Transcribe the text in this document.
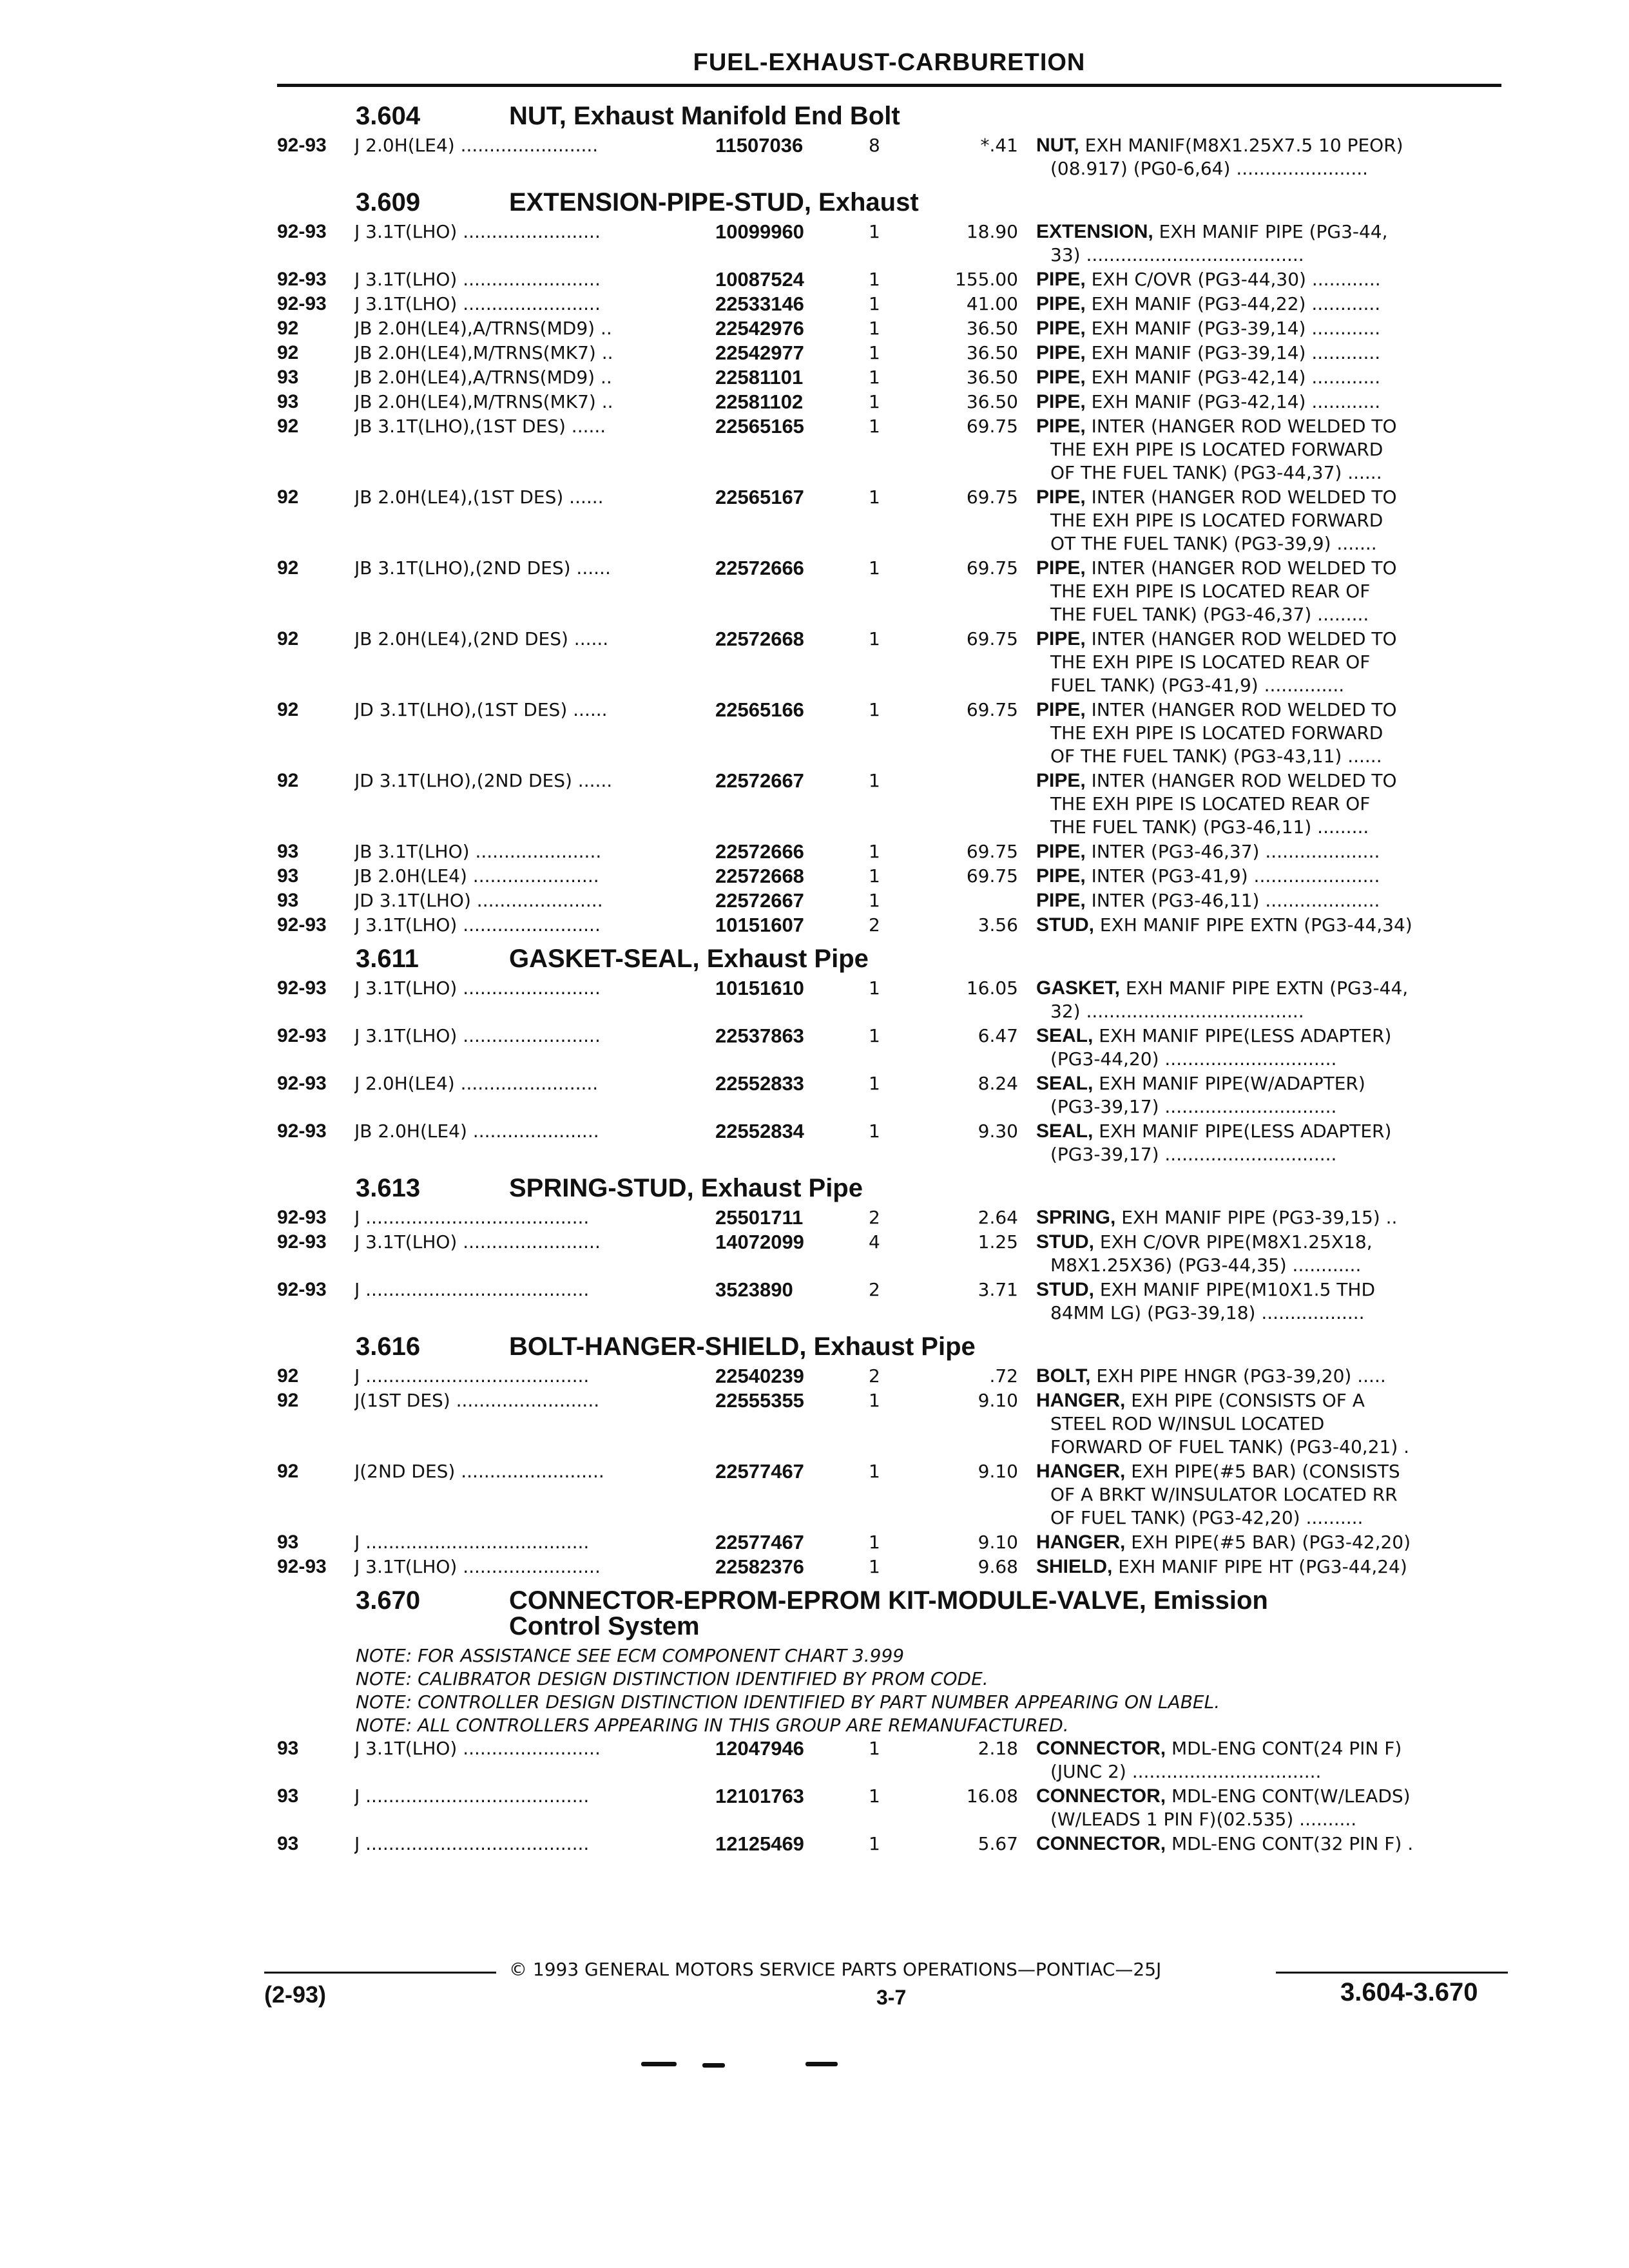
FUEL-EXHAUST-CARBURETION
3.604	NUT, Exhaust Manifold End Bolt
92-93 J 2.0H(LE4) ........................	11507036	8	*.41 NUT, EXH MANIF(M8X1.25X7.5 10 PEOR)
(08.917) (PG0-6,64) .......................
3.609	EXTENSION-PIPE-STUD, Exhaust
92-93 J 3.1T(LHO) ........................	10099960	1	18.90 EXTENSION, EXH MANIF PIPE (PG3-44,
33) ......................................
92-93 J 3.1T(LHO) ........................	10087524	1	155.00 PIPE, EXH C/OVR (PG3-44,30) ............
92-93 J 3.1T(LHO) ........................	22533146	1	41.00 PIPE, EXH MANIF (PG3-44,22) ............
92	JB 2.0H(LE4),A/TRNS(MD9) ..	22542976	1	36.50 PIPE, EXH MANIF (PG3-39,14) ............
92	JB 2.0H(LE4),M/TRNS(MK7) ..	22542977	1	36.50 PIPE, EXH MANIF (PG3-39,14) ............
93	JB 2.0H(LE4),A/TRNS(MD9) ..	22581101	1	36.50 PIPE, EXH MANIF (PG3-42,14) ............
93	JB 2.0H(LE4),M/TRNS(MK7) ..	22581102	1	36.50 PIPE, EXH MANIF (PG3-42,14) ............
92	JB 3.1T(LHO),(1ST DES) ......	22565165	1	69.75 PIPE, INTER (HANGER ROD WELDED TO
THE EXH PIPE IS LOCATED FORWARD
OF THE FUEL TANK) (PG3-44,37) ......
92	JB 2.0H(LE4),(1ST DES) ......	22565167	1	69.75 PIPE, INTER (HANGER ROD WELDED TO
THE EXH PIPE IS LOCATED FORWARD
OT THE FUEL TANK) (PG3-39,9) .......
92	JB 3.1T(LHO),(2ND DES) ......	22572666	1	69.75 PIPE, INTER (HANGER ROD WELDED TO
THE EXH PIPE IS LOCATED REAR OF
THE FUEL TANK) (PG3-46,37) .........
92	JB 2.0H(LE4),(2ND DES) ......	22572668	1	69.75 PIPE, INTER (HANGER ROD WELDED TO
THE EXH PIPE IS LOCATED REAR OF
FUEL TANK) (PG3-41,9) ..............
92	JD 3.1T(LHO),(1ST DES) ......	22565166	1	69.75 PIPE, INTER (HANGER ROD WELDED TO
THE EXH PIPE IS LOCATED FORWARD
OF THE FUEL TANK) (PG3-43,11) ......
92	JD 3.1T(LHO),(2ND DES) ......	22572667	1	PIPE, INTER (HANGER ROD WELDED TO
THE EXH PIPE IS LOCATED REAR OF
THE FUEL TANK) (PG3-46,11) .........
93	JB 3.1T(LHO) ......................	22572666	1	69.75 PIPE, INTER (PG3-46,37) ....................
93	JB 2.0H(LE4) ......................	22572668	1	69.75 PIPE, INTER (PG3-41,9) ......................
93	JD 3.1T(LHO) ......................	22572667	1	PIPE, INTER (PG3-46,11) ....................
92-93 J 3.1T(LHO) ........................	10151607	2	3.56 STUD, EXH MANIF PIPE EXTN (PG3-44,34)
3.611	GASKET-SEAL, Exhaust Pipe
92-93 J 3.1T(LHO) ........................	10151610	1	16.05 GASKET, EXH MANIF PIPE EXTN (PG3-44,
32) ......................................
92-93 J 3.1T(LHO) ........................	22537863	1	6.47 SEAL, EXH MANIF PIPE(LESS ADAPTER)
(PG3-44,20) ..............................
92-93 J 2.0H(LE4) ........................	22552833	1	8.24 SEAL, EXH MANIF PIPE(W/ADAPTER)
(PG3-39,17) ..............................
92-93 JB 2.0H(LE4) ......................	22552834	1	9.30 SEAL, EXH MANIF PIPE(LESS ADAPTER)
(PG3-39,17) ..............................
3.613	SPRING-STUD, Exhaust Pipe
92-93 J .......................................	25501711	2	2.64 SPRING, EXH MANIF PIPE (PG3-39,15) ..
92-93 J 3.1T(LHO) ........................	14072099	4	1.25 STUD, EXH C/OVR PIPE(M8X1.25X18,
M8X1.25X36) (PG3-44,35) ............
92-93 J .......................................	3523890	2	3.71 STUD, EXH MANIF PIPE(M10X1.5 THD
84MM LG) (PG3-39,18) ..................
3.616	BOLT-HANGER-SHIELD, Exhaust Pipe
92	J .......................................	22540239	2	.72 BOLT, EXH PIPE HNGR (PG3-39,20) .....
92	J(1ST DES) .........................	22555355	1	9.10 HANGER, EXH PIPE (CONSISTS OF A
STEEL ROD W/INSUL LOCATED
FORWARD OF FUEL TANK) (PG3-40,21) .
92	J(2ND DES) .........................	22577467	1	9.10 HANGER, EXH PIPE(#5 BAR) (CONSISTS
OF A BRKT W/INSULATOR LOCATED RR
OF FUEL TANK) (PG3-42,20) ..........
93	J .......................................	22577467	1	9.10 HANGER, EXH PIPE(#5 BAR) (PG3-42,20)
92-93 J 3.1T(LHO) ........................	22582376	1	9.68 SHIELD, EXH MANIF PIPE HT (PG3-44,24)
3.670	CONNECTOR-EPROM-EPROM KIT-MODULE-VALVE, Emission
Control System
NOTE: FOR ASSISTANCE SEE ECM COMPONENT CHART 3.999
NOTE: CALIBRATOR DESIGN DISTINCTION IDENTIFIED BY PROM CODE.
NOTE: CONTROLLER DESIGN DISTINCTION IDENTIFIED BY PART NUMBER APPEARING ON LABEL.
NOTE: ALL CONTROLLERS APPEARING IN THIS GROUP ARE REMANUFACTURED.
93	J 3.1T(LHO) ........................	12047946	1	2.18 CONNECTOR, MDL-ENG CONT(24 PIN F)
(JUNC 2) .................................
93	J .......................................	12101763	1	16.08 CONNECTOR, MDL-ENG CONT(W/LEADS)
(W/LEADS 1 PIN F)(02.535) ..........
93	J .......................................	12125469	1	5.67 CONNECTOR, MDL-ENG CONT(32 PIN F) .
© 1993 GENERAL MOTORS SERVICE PARTS OPERATIONS—PONTIAC—25J
(2-93)	3-7	3.604-3.670
